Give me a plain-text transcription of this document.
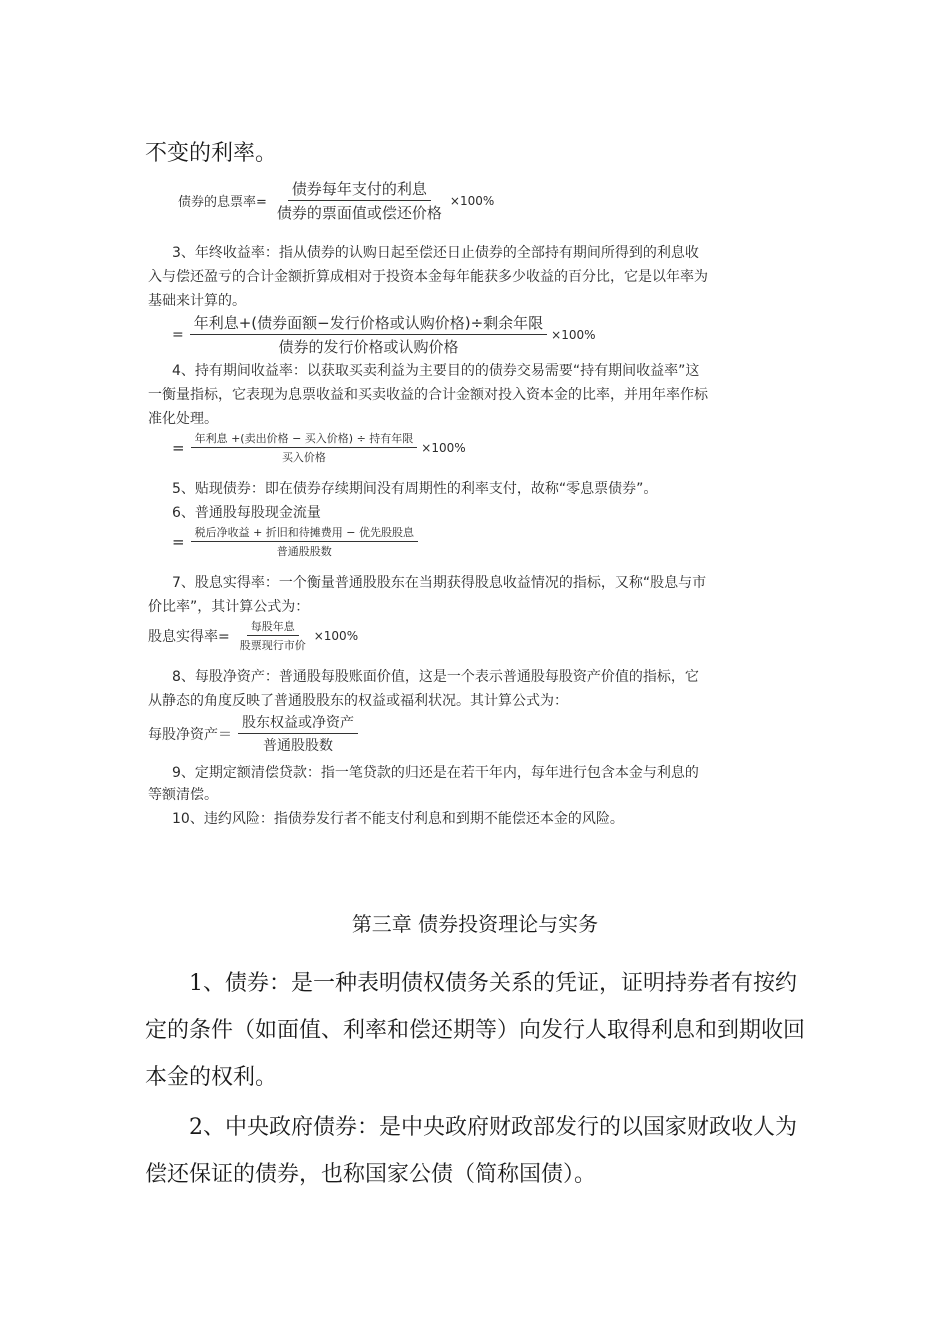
不变的利率。
债券的息票率= $\frac{\text{债券每年支付的利息}}{\text{债券的票面值或偿还价格}} \times 100\%$
3、年终收益率：指从债券的认购日起至偿还日止债券的全部持有期间所得到的利息收
入与偿还盈亏的合计金额折算成相对于投资本金每年能获多少收益的百分比，它是以年率为
基础来计算的。
= $\frac{\text{年利息+(债券面额−发行价格或认购价格)÷剩余年限}}{\text{债券的发行价格或认购价格}} \times 100\%$
4、持有期间收益率：以获取买卖利益为主要目的的债券交易需要“持有期间收益率”这
一衡量指标，它表现为息票收益和买卖收益的合计金额对投入资本金的比率，并用年率作标
准化处理。
= $\frac{\text{年利息 +(卖出价格 − 买入价格) ÷ 持有年限}}{\text{买入价格}} \times 100\%$
5、贴现债券：即在债券存续期间没有周期性的利率支付，故称“零息票债券”。
6、普通股每股现金流量
= $\frac{\text{税后净收益 + 折旧和待摊费用 − 优先股股息}}{\text{普通股股数}}$
7、股息实得率：一个衡量普通股股东在当期获得股息收益情况的指标，又称“股息与市
价比率”，其计算公式为：
股息实得率= $\frac{\text{每股年息}}{\text{股票现行市价}} \times 100\%$
8、每股净资产：普通股每股账面价值，这是一个表示普通股每股资产价值的指标，它
从静态的角度反映了普通股股东的权益或福利状况。其计算公式为：
每股净资产＝ $\frac{\text{股东权益或净资产}}{\text{普通股股数}}$
9、定期定额清偿贷款：指一笔贷款的归还是在若干年内，每年进行包含本金与利息的
等额清偿。
10、违约风险：指债券发行者不能支付利息和到期不能偿还本金的风险。
第三章 债券投资理论与实务

1、债券：是一种表明债权债务关系的凭证，证明持券者有按约定的条件（如面值、利率和偿还期等）向发行人取得利息和到期收回本金的权利。

2、中央政府债券：是中央政府财政部发行的以国家财政收人为偿还保证的债券，也称国家公债（简称国债）。
